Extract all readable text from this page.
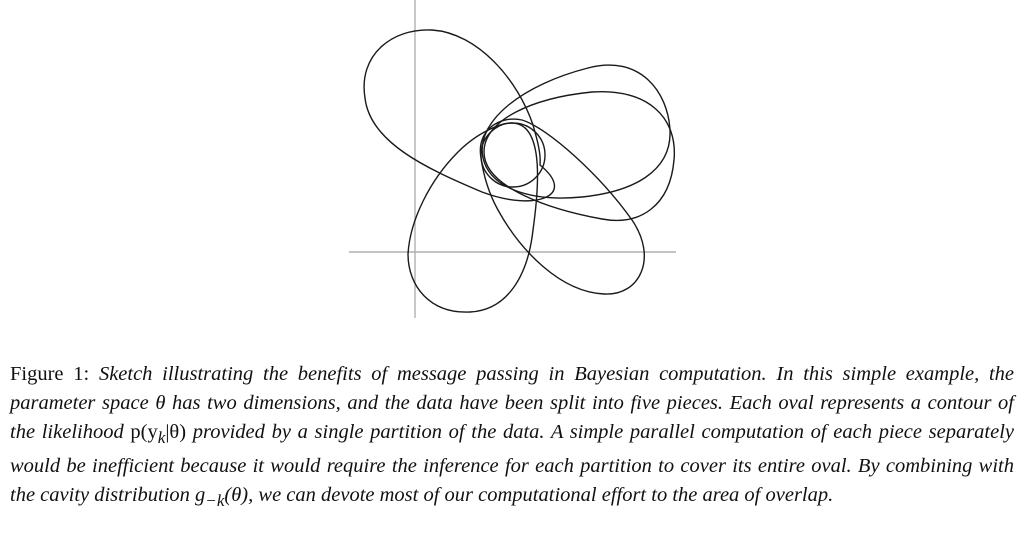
Figure 1: Sketch illustrating the benefits of message passing in Bayesian computation. In this simple example, the parameter space θ has two dimensions, and the data have been split into five pieces. Each oval represents a contour of the likelihood $p(y_k|\theta)$ provided by a single partition of the data. A simple parallel computation of each piece separately would be inefficient because it would require the inference for each partition to cover its entire oval. By combining with the cavity distribution $g_{-k}(\theta)$, we can devote most of our computational effort to the area of overlap.
